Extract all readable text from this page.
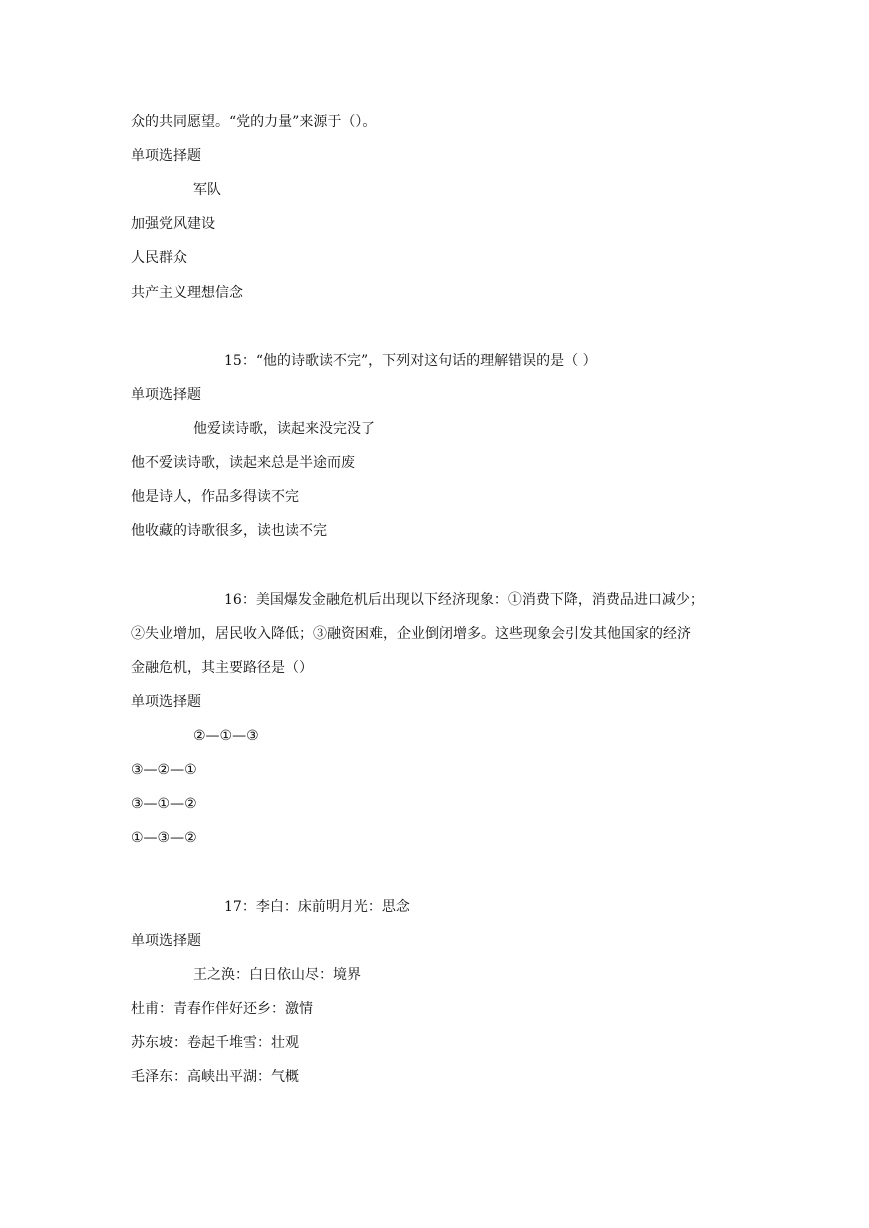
众的共同愿望。“党的力量”来源于（）。
单项选择题
军队
加强党风建设
人民群众
共产主义理想信念
15：“他的诗歌读不完”，下列对这句话的理解错误的是（ ）
单项选择题
他爱读诗歌，读起来没完没了
他不爱读诗歌，读起来总是半途而废
他是诗人，作品多得读不完
他收藏的诗歌很多，读也读不完
16：美国爆发金融危机后出现以下经济现象：①消费下降，消费品进口减少；
②失业增加，居民收入降低；③融资困难，企业倒闭增多。这些现象会引发其他国家的经济
金融危机，其主要路径是（）
单项选择题
②—①—③
③—②—①
③—①—②
①—③—②
17：李白：床前明月光：思念
单项选择题
王之涣：白日依山尽：境界
杜甫：青春作伴好还乡：激情
苏东坡：卷起千堆雪：壮观
毛泽东：高峡出平湖：气概
